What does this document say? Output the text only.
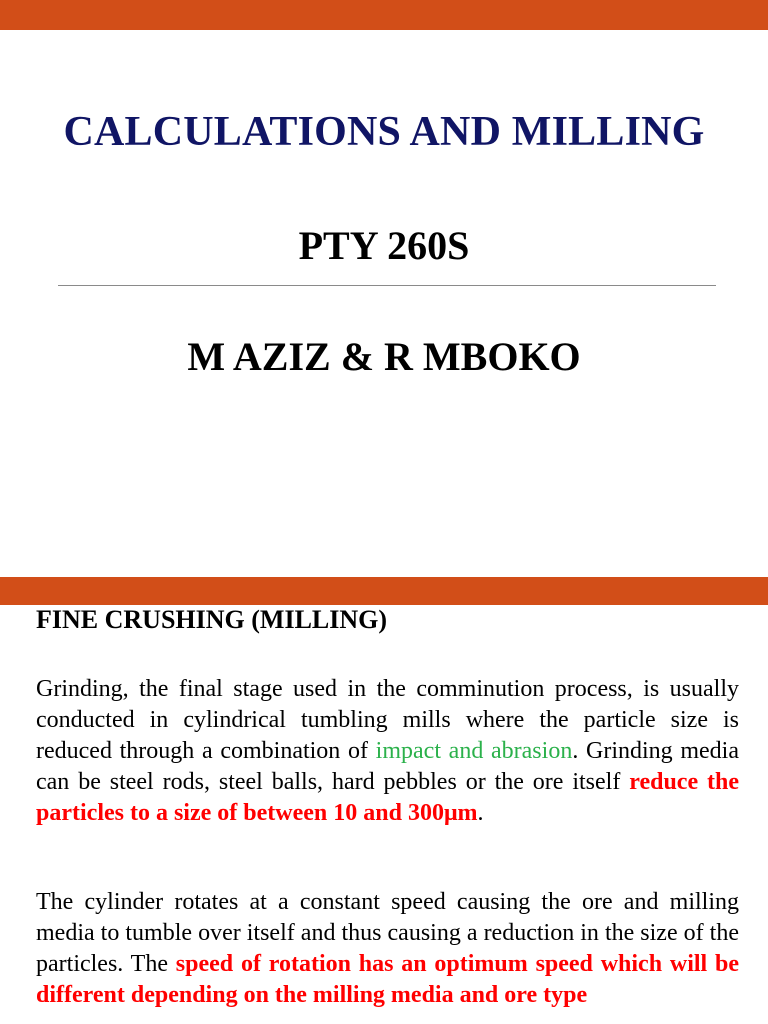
CALCULATIONS AND MILLING
PTY 260S
M AZIZ & R MBOKO
FINE CRUSHING (MILLING)
Grinding, the final stage used in the comminution process, is usually conducted in cylindrical tumbling mills where the particle size is reduced through a combination of impact and abrasion. Grinding media can be steel rods, steel balls, hard pebbles or the ore itself reduce the particles to a size of between 10 and 300μm.
The cylinder rotates at a constant speed causing the ore and milling media to tumble over itself and thus causing a reduction in the size of the particles. The speed of rotation has an optimum speed which will be different depending on the milling media and ore type
